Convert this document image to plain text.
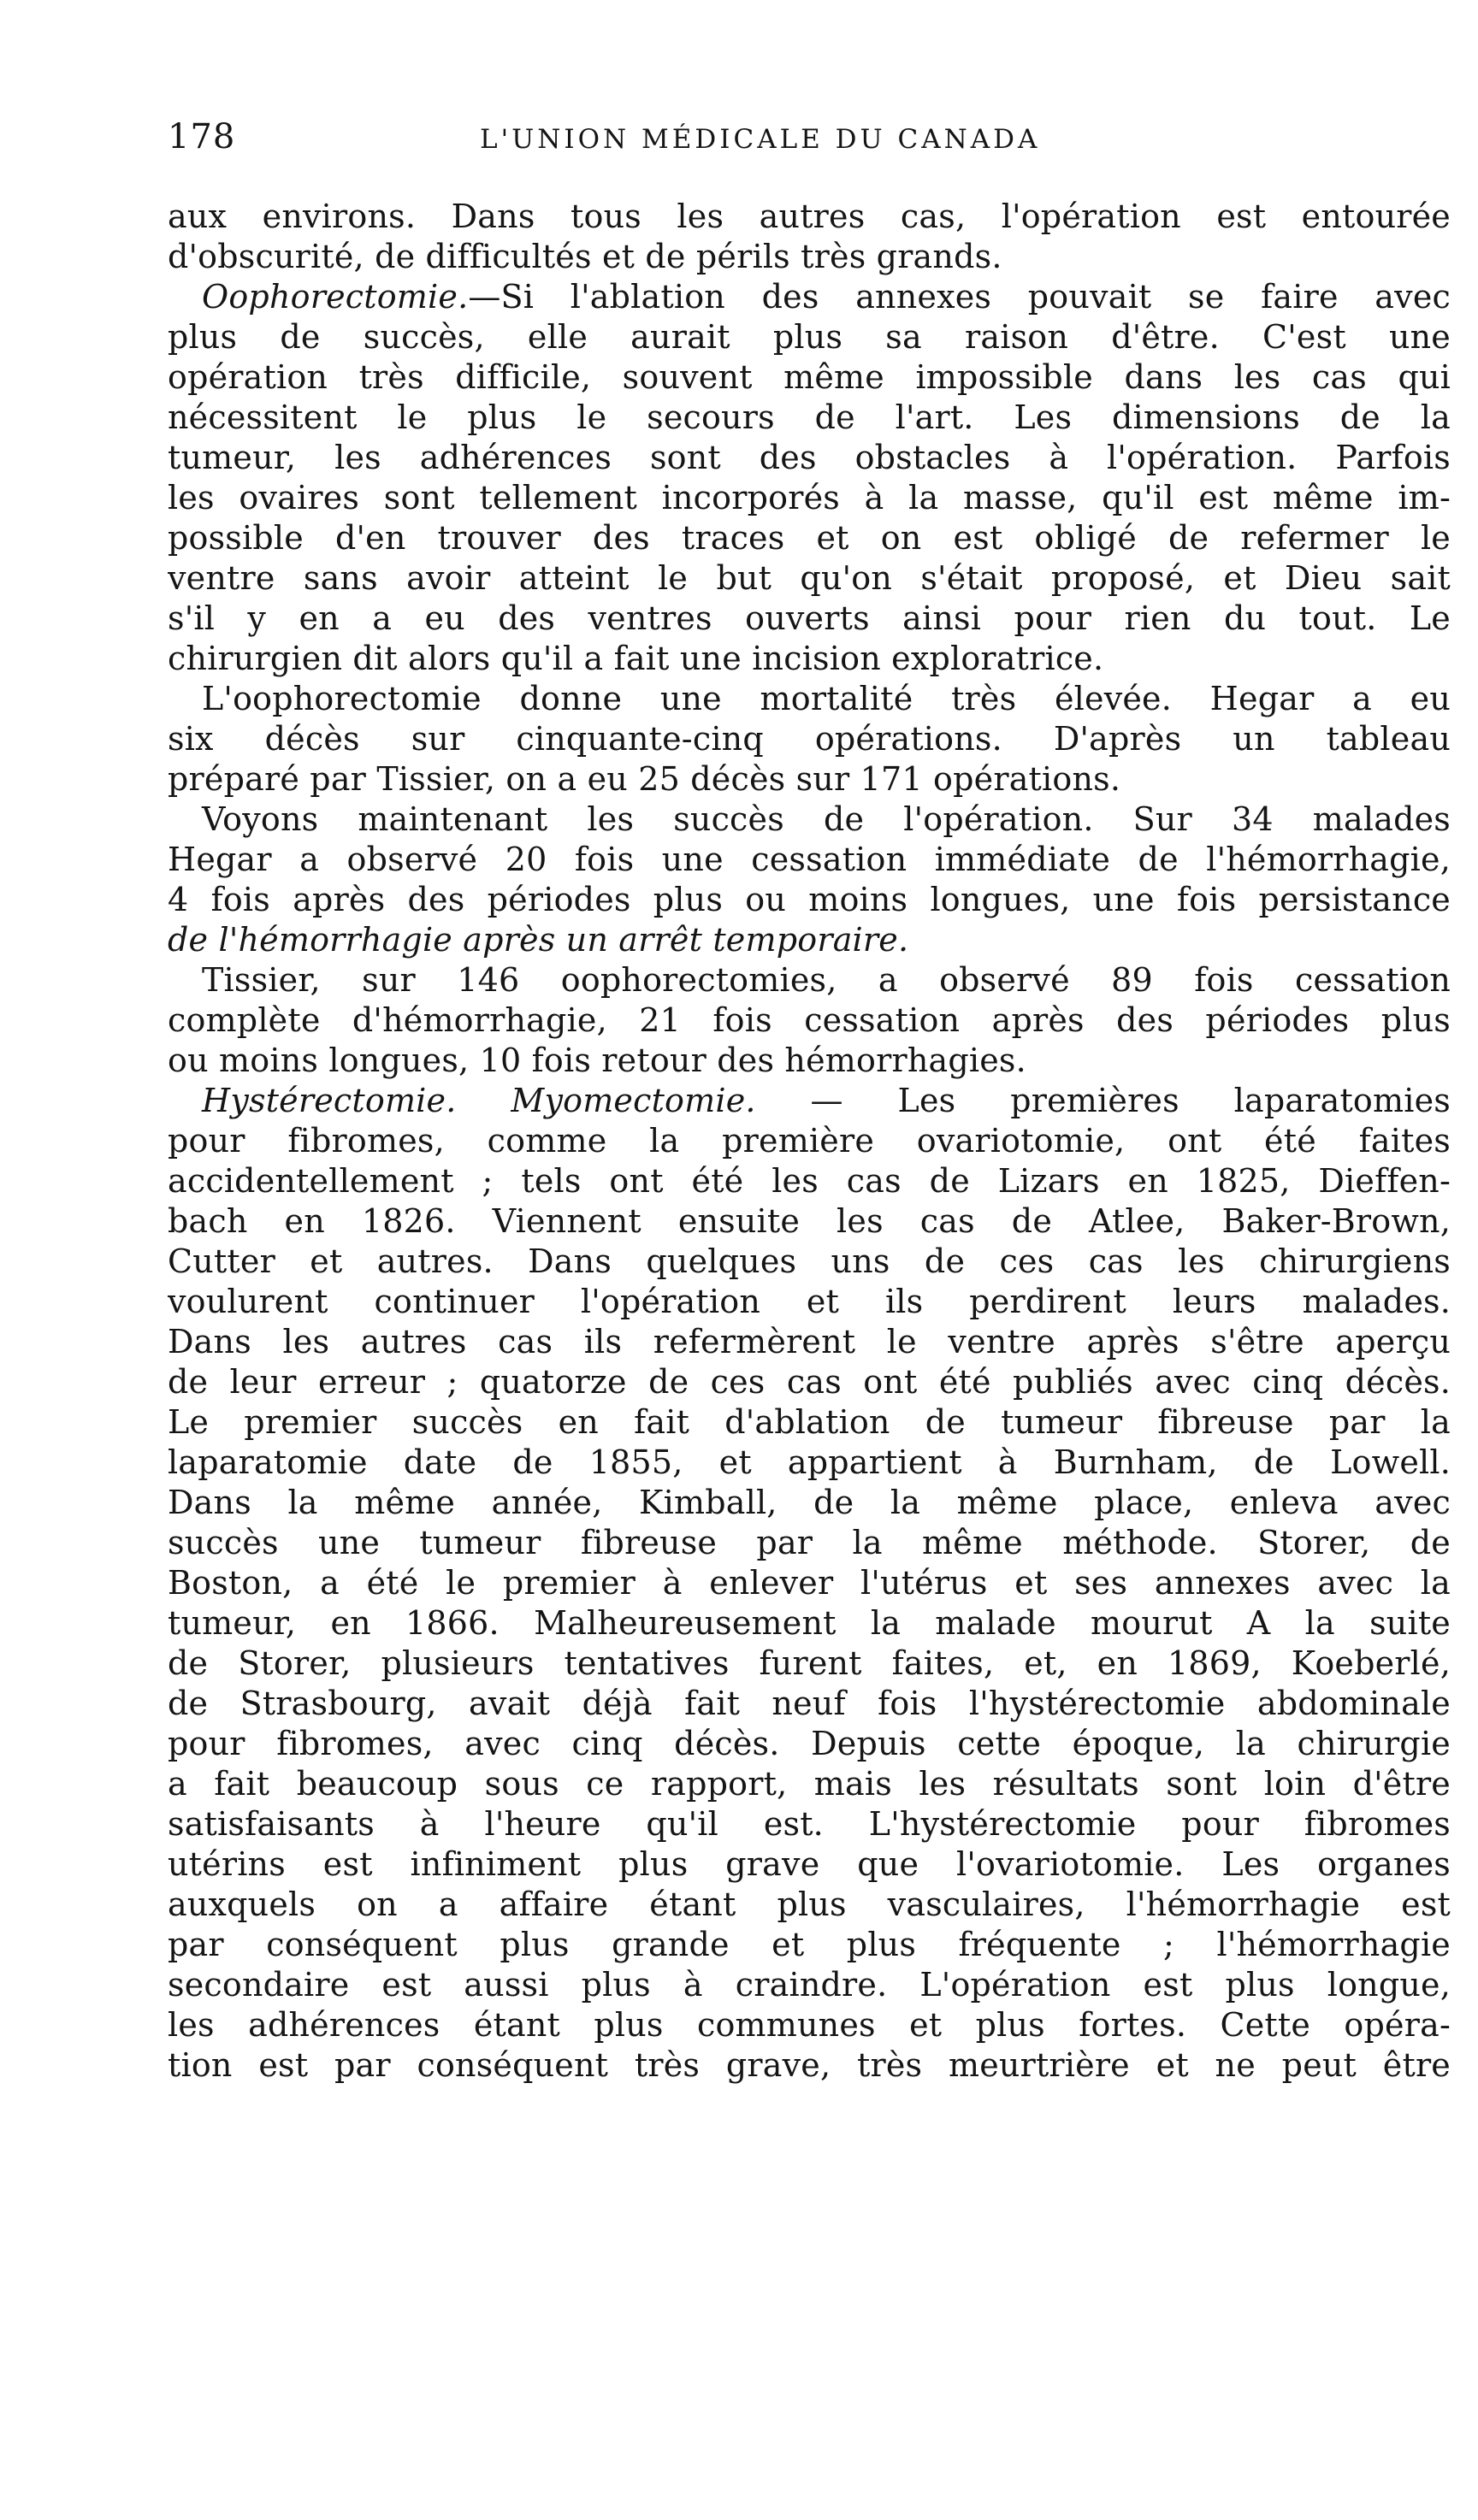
178	L'UNION MÉDICALE DU CANADA
aux environs. Dans tous les autres cas, l'opération est entourée
d'obscurité, de difficultés et de périls très grands.
Oophorectomie.—Si l'ablation des annexes pouvait se faire avec
plus de succès, elle aurait plus sa raison d'être. C'est une
opération très difficile, souvent même impossible dans les cas qui
nécessitent le plus le secours de l'art. Les dimensions de la
tumeur, les adhérences sont des obstacles à l'opération. Parfois
les ovaires sont tellement incorporés à la masse, qu'il est même im-
possible d'en trouver des traces et on est obligé de refermer le
ventre sans avoir atteint le but qu'on s'était proposé, et Dieu sait
s'il y en a eu des ventres ouverts ainsi pour rien du tout. Le
chirurgien dit alors qu'il a fait une incision exploratrice.
L'oophorectomie donne une mortalité très élevée. Hegar a eu
six décès sur cinquante-cinq opérations. D'après un tableau
préparé par Tissier, on a eu 25 décès sur 171 opérations.
Voyons maintenant les succès de l'opération. Sur 34 malades
Hegar a observé 20 fois une cessation immédiate de l'hémorrhagie,
4 fois après des périodes plus ou moins longues, une fois persistance
de l'hémorrhagie après un arrêt temporaire.
Tissier, sur 146 oophorectomies, a observé 89 fois cessation
complète d'hémorrhagie, 21 fois cessation après des périodes plus
ou moins longues, 10 fois retour des hémorrhagies.
Hystérectomie. Myomectomie. — Les premières laparatomies
pour fibromes, comme la première ovariotomie, ont été faites
accidentellement ; tels ont été les cas de Lizars en 1825, Dieffen-
bach en 1826. Viennent ensuite les cas de Atlee, Baker-Brown,
Cutter et autres. Dans quelques uns de ces cas les chirurgiens
voulurent continuer l'opération et ils perdirent leurs malades.
Dans les autres cas ils refermèrent le ventre après s'être aperçu
de leur erreur ; quatorze de ces cas ont été publiés avec cinq décès.
Le premier succès en fait d'ablation de tumeur fibreuse par la
laparatomie date de 1855, et appartient à Burnham, de Lowell.
Dans la même année, Kimball, de la même place, enleva avec
succès une tumeur fibreuse par la même méthode. Storer, de
Boston, a été le premier à enlever l'utérus et ses annexes avec la
tumeur, en 1866. Malheureusement la malade mourut A la suite
de Storer, plusieurs tentatives furent faites, et, en 1869, Koeberlé,
de Strasbourg, avait déjà fait neuf fois l'hystérectomie abdominale
pour fibromes, avec cinq décès. Depuis cette époque, la chirurgie
a fait beaucoup sous ce rapport, mais les résultats sont loin d'être
satisfaisants à l'heure qu'il est. L'hystérectomie pour fibromes
utérins est infiniment plus grave que l'ovariotomie. Les organes
auxquels on a affaire étant plus vasculaires, l'hémorrhagie est
par conséquent plus grande et plus fréquente ; l'hémorrhagie
secondaire est aussi plus à craindre. L'opération est plus longue,
les adhérences étant plus communes et plus fortes. Cette opéra-
tion est par conséquent très grave, très meurtrière et ne peut être
